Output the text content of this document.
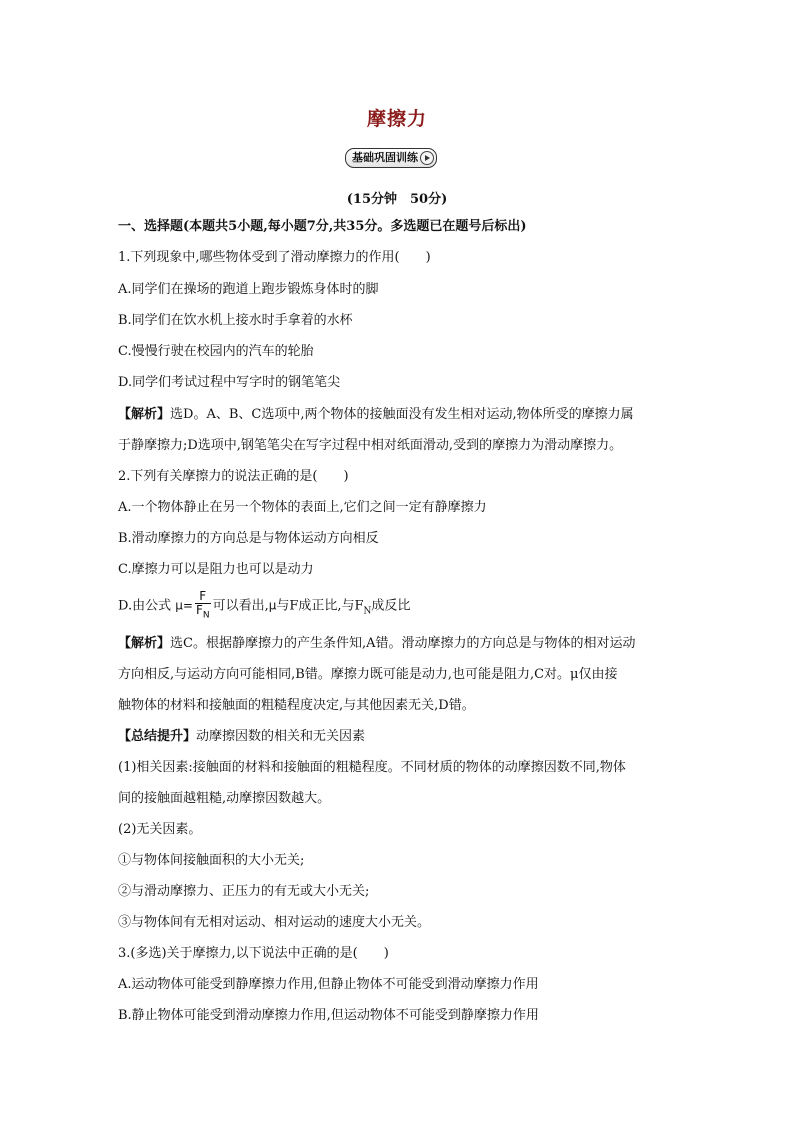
摩擦力
基础巩固训练
(15分钟　50分)
一、选择题(本题共5小题,每小题7分,共35分。多选题已在题号后标出)
1.下列现象中,哪些物体受到了滑动摩擦力的作用(　　)
A.同学们在操场的跑道上跑步锻炼身体时的脚
B.同学们在饮水机上接水时手拿着的水杯
C.慢慢行驶在校园内的汽车的轮胎
D.同学们考试过程中写字时的钢笔笔尖
【解析】选D。A、B、C选项中,两个物体的接触面没有发生相对运动,物体所受的摩擦力属
于静摩擦力;D选项中,钢笔笔尖在写字过程中相对纸面滑动,受到的摩擦力为滑动摩擦力。
2.下列有关摩擦力的说法正确的是(　　)
A.一个物体静止在另一个物体的表面上,它们之间一定有静摩擦力
B.滑动摩擦力的方向总是与物体运动方向相反
C.摩擦力可以是阻力也可以是动力
D.由公式 $\mu= \frac{F}{F_N}$ 可以看出,μ与F成正比,与$F_N$成反比
【解析】选C。根据静摩擦力的产生条件知,A错。滑动摩擦力的方向总是与物体的相对运动
方向相反,与运动方向可能相同,B错。摩擦力既可能是动力,也可能是阻力,C对。μ仅由接
触物体的材料和接触面的粗糙程度决定,与其他因素无关,D错。
【总结提升】动摩擦因数的相关和无关因素
(1)相关因素:接触面的材料和接触面的粗糙程度。不同材质的物体的动摩擦因数不同,物体
间的接触面越粗糙,动摩擦因数越大。
(2)无关因素。
①与物体间接触面积的大小无关;
②与滑动摩擦力、正压力的有无或大小无关;
③与物体间有无相对运动、相对运动的速度大小无关。
3.(多选)关于摩擦力,以下说法中正确的是(　　)
A.运动物体可能受到静摩擦力作用,但静止物体不可能受到滑动摩擦力作用
B.静止物体可能受到滑动摩擦力作用,但运动物体不可能受到静摩擦力作用
